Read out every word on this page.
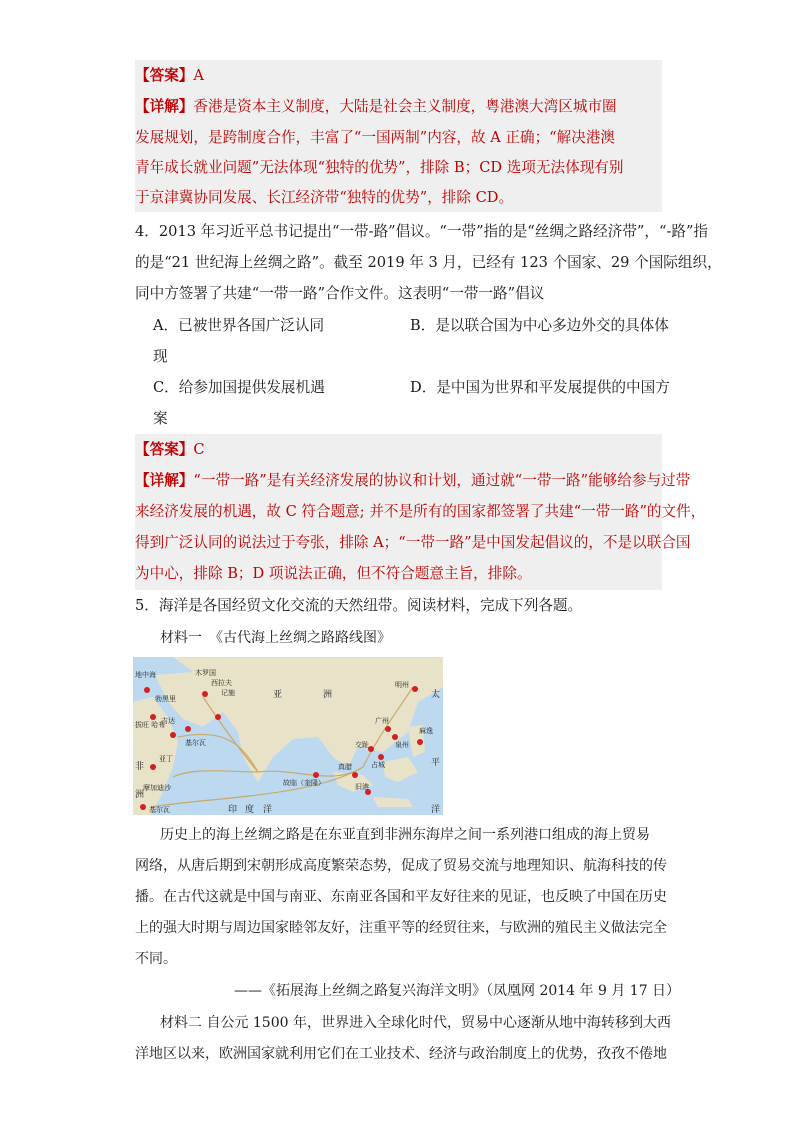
【答案】A
【详解】香港是资本主义制度，大陆是社会主义制度，粤港澳大湾区城市圈
发展规划，是跨制度合作，丰富了“一国两制”内容，故 A 正确；“解决港澳
青年成长就业问题”无法体现“独特的优势”，排除 B；CD 选项无法体现有别
于京津冀协同发展、长江经济带“独特的优势”，排除 CD。
4．2013 年习近平总书记提出“一带-路”倡议。“一带”指的是“丝绸之路经济带”，“-路”指
的是“21 世纪海上丝绸之路”。截至 2019 年 3 月，已经有 123 个国家、29 个国际组织，
同中方签署了共建“一带一路”合作文件。这表明“一带一路”倡议
A．已被世界各国广泛认同	B．是以联合国为中心多边外交的具体体
现
C．给参加国提供发展机遇	D．是中国为世界和平发展提供的中国方
案
【答案】C
【详解】“一带一路”是有关经济发展的协议和计划，通过就“一带一路”能够给参与过带
来经济发展的机遇，故 C 符合题意; 并不是所有的国家都签署了共建“一带一路”的文件，
得到广泛认同的说法过于夸张，排除 A；“一带一路”是中国发起倡议的，不是以联合国
为中心，排除 B；D 项说法正确，但不符合题意主旨，排除。
5．海洋是各国经贸文化交流的天然纽带。阅读材料，完成下列各题。
材料一　《古代海上丝绸之路路线图》
地中海
勃黑里
吉达
拔旺 哈布
木罗国
西拉夫
记施
基尔瓦
亚丁
非
洲
摩加迪沙
基尔瓦
亚	洲
明州
太
广州
泉州
交趾
占城
麻逸
平
故临（奎隆）	旧港
真腊
印 度 洋	洋
历史上的海上丝绸之路是在东亚直到非洲东海岸之间一系列港口组成的海上贸易
网络，从唐后期到宋朝形成高度繁荣态势，促成了贸易交流与地理知识、航海科技的传
播。在古代这就是中国与南亚、东南亚各国和平友好往来的见证，也反映了中国在历史
上的强大时期与周边国家睦邻友好，注重平等的经贸往来，与欧洲的殖民主义做法完全
不同。
——《拓展海上丝绸之路复兴海洋文明》（凤凰网 2014 年 9 月 17 日）
材料二 自公元 1500 年，世界进入全球化时代，贸易中心逐渐从地中海转移到大西
洋地区以来，欧洲国家就利用它们在工业技术、经济与政治制度上的优势，孜孜不倦地
